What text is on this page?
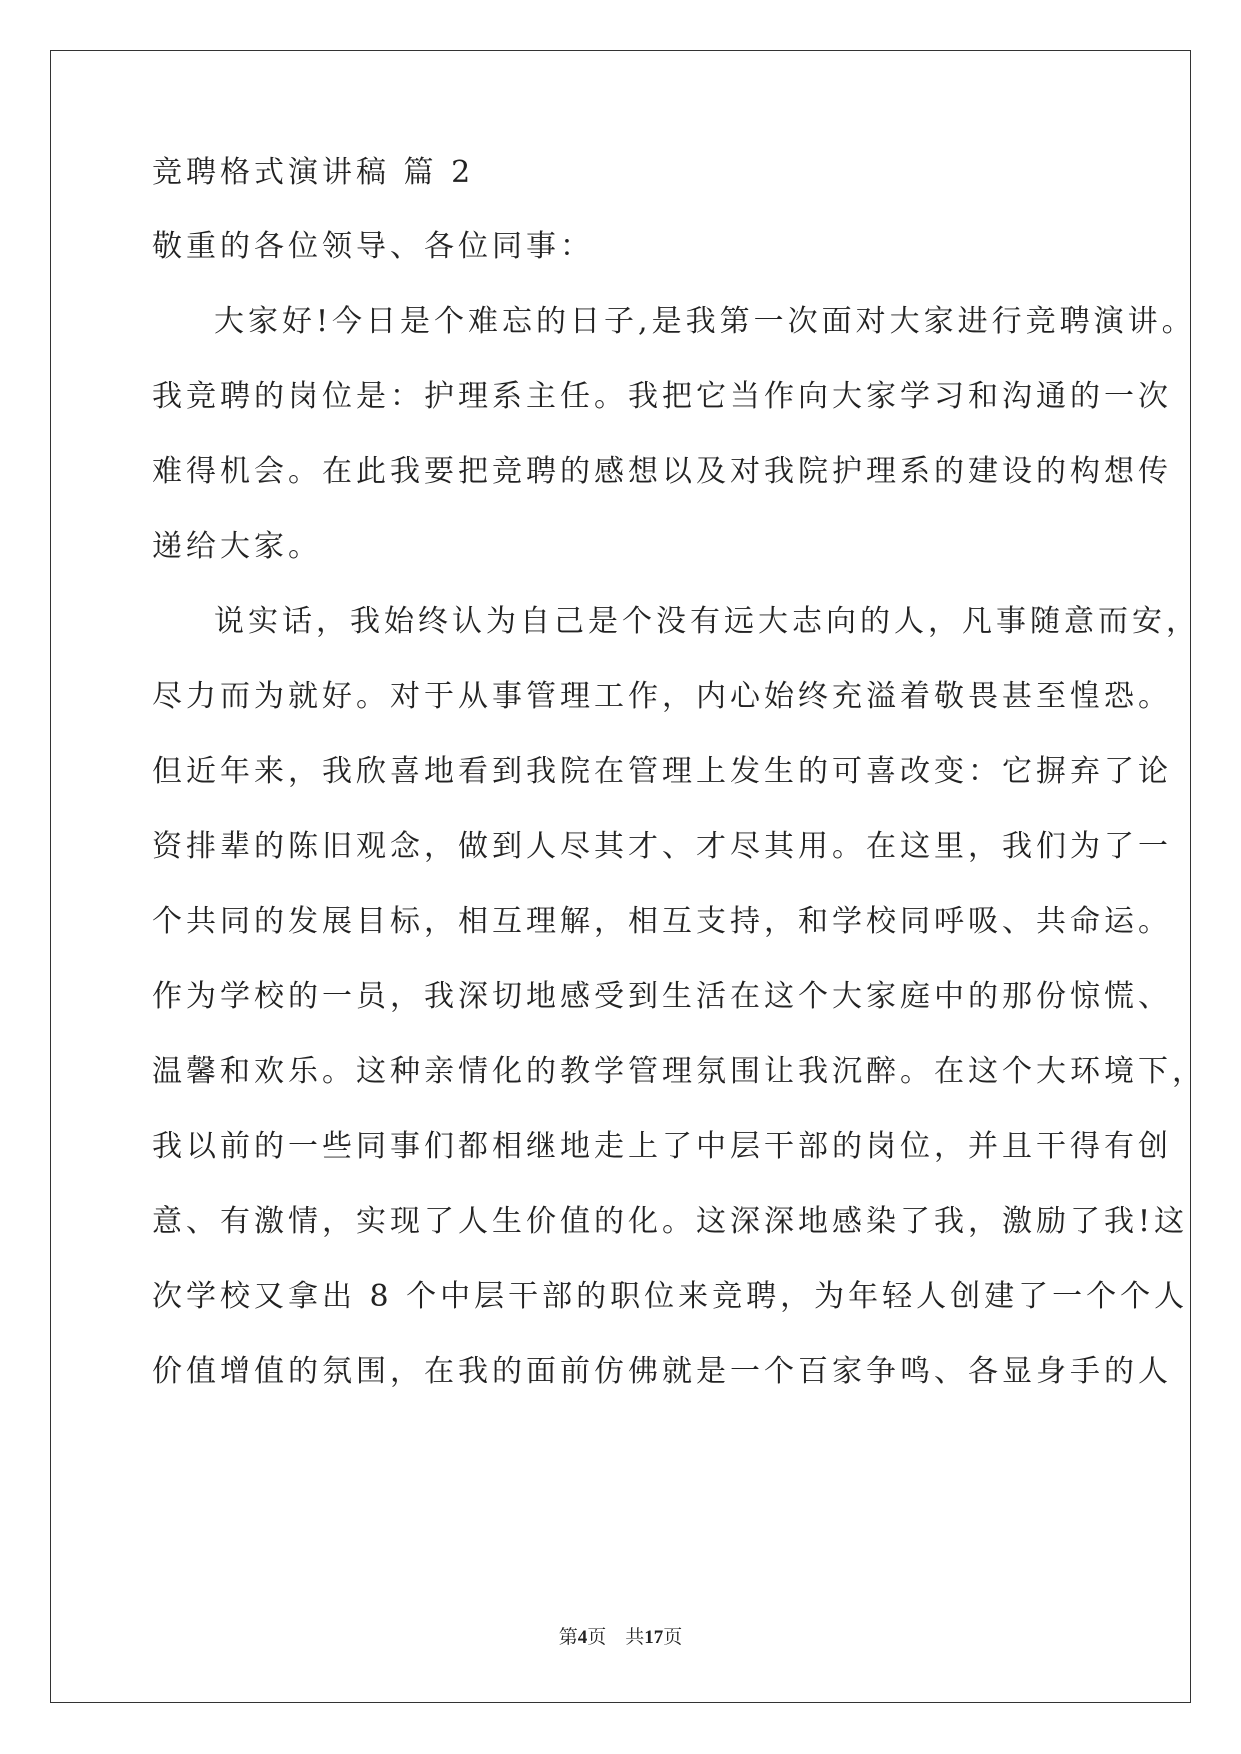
竞聘格式演讲稿 篇 2
敬重的各位领导、各位同事：
大家好!今日是个难忘的日子,是我第一次面对大家进行竞聘演讲。
我竞聘的岗位是：护理系主任。我把它当作向大家学习和沟通的一次
难得机会。在此我要把竞聘的感想以及对我院护理系的建设的构想传
递给大家。
说实话，我始终认为自己是个没有远大志向的人，凡事随意而安，
尽力而为就好。对于从事管理工作，内心始终充溢着敬畏甚至惶恐。
但近年来，我欣喜地看到我院在管理上发生的可喜改变：它摒弃了论
资排辈的陈旧观念，做到人尽其才、才尽其用。在这里，我们为了一
个共同的发展目标，相互理解，相互支持，和学校同呼吸、共命运。
作为学校的一员，我深切地感受到生活在这个大家庭中的那份惊慌、
温馨和欢乐。这种亲情化的教学管理氛围让我沉醉。在这个大环境下，
我以前的一些同事们都相继地走上了中层干部的岗位，并且干得有创
意、有激情，实现了人生价值的化。这深深地感染了我，激励了我!这
次学校又拿出 8 个中层干部的职位来竞聘，为年轻人创建了一个个人
价值增值的氛围，在我的面前仿佛就是一个百家争鸣、各显身手的人
第4页　共17页
